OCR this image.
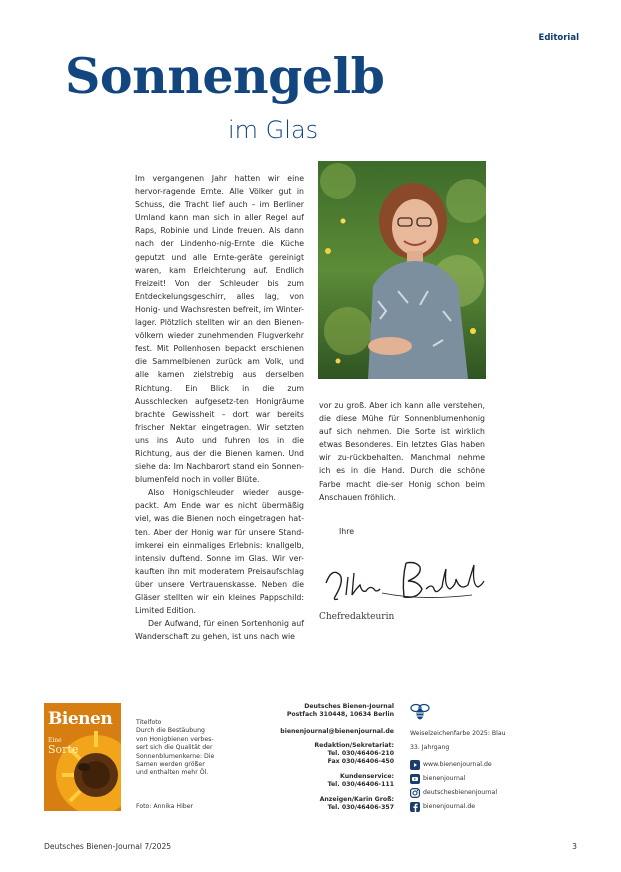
Editorial
Sonnengelb
im Glas

Im vergangenen Jahr hatten wir eine hervor-ragende Ernte. Alle Völker gut in Schuss, die Tracht lief auch – im Berliner Umland kann man sich in aller Regel auf Raps, Robinie und Linde freuen. Als dann nach der Lindenho-nig-Ernte die Küche geputzt und alle Ernte-geräte gereinigt waren, kam Erleichterung auf. Endlich Freizeit! Von der Schleuder bis zum Entdeckelungsgeschirr, alles lag, von Honig- und Wachsresten befreit, im Winter-lager. Plötzlich stellten wir an den Bienen-völkern wieder zunehmenden Flugverkehr fest. Mit Pollenhosen bepackt erschienen die Sammelbienen zurück am Volk, und alle kamen zielstrebig aus derselben Richtung. Ein Blick in die zum Ausschlecken aufgesetz-ten Honigräume brachte Gewissheit – dort war bereits frischer Nektar eingetragen. Wir setzten uns ins Auto und fuhren los in die Richtung, aus der die Bienen kamen. Und siehe da: Im Nachbarort stand ein Sonnen-blumenfeld noch in voller Blüte.

Also Honigschleuder wieder ausge-packt. Am Ende war es nicht übermäßig viel, was die Bienen noch eingetragen hat-ten. Aber der Honig war für unsere Stand-imkerei ein einmaliges Erlebnis: knallgelb, intensiv duftend. Sonne im Glas. Wir ver-kauften ihn mit moderatem Preisaufschlag über unsere Vertrauenskasse. Neben die Gläser stellten wir ein kleines Pappschild: Limited Edition.

Der Aufwand, für einen Sortenhonig auf Wanderschaft zu gehen, ist uns nach wie

vor zu groß. Aber ich kann alle verstehen, die diese Mühe für Sonnenblumenhonig auf sich nehmen. Die Sorte ist wirklich etwas Besonderes. Ein letztes Glas haben wir zu-rückbehalten. Manchmal nehme ich es in die Hand. Durch die schöne Farbe macht die-ser Honig schon beim Anschauen fröhlich.

Ihre
Chefredakteurin
Bienen
Eine
Sorte
Titelfoto
Durch die Bestäubung
von Honigbienen verbes-
sert sich die Qualität der
Sonnenblumenkerne: Die
Samen werden größer
und enthalten mehr Öl.
Foto: Annika Hiber
Deutsches Bienen-Journal
Postfach 310448, 10634 Berlin
bienenjournal@bienenjournal.de
Redaktion/Sekretariat:
Tel. 030/46406-210
Fax 030/46406-450
Kundenservice:
Tel. 030/46406-111
Anzeigen/Karin Groß:
Tel. 030/46406-357
Weiselzeichenfarbe 2025: Blau
33. Jahrgang
www.bienenjournal.de
bienenjournal
deutschesbienenjournal
bienenjournal.de
Deutsches Bienen-Journal 7/2025	3
